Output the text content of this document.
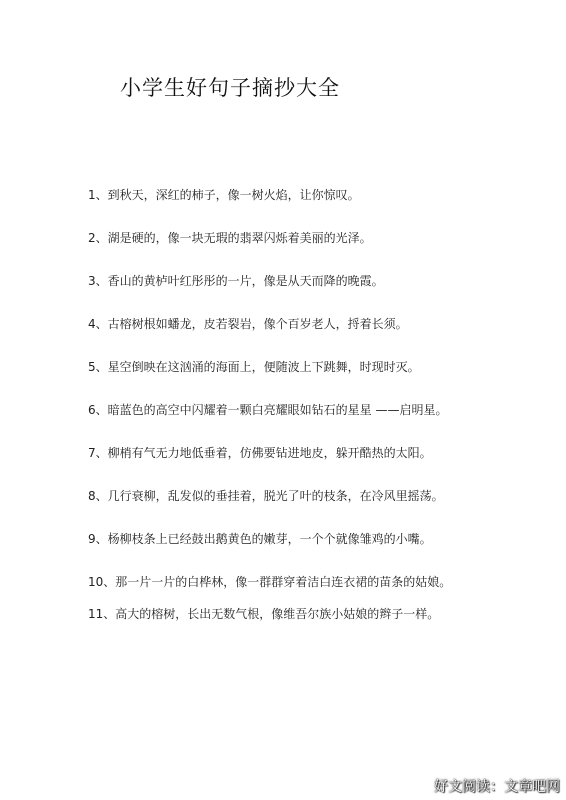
小学生好句子摘抄大全
1、到秋天，深红的柿子，像一树火焰，让你惊叹。
2、湖是硬的，像一块无瑕的翡翠闪烁着美丽的光泽。
3、香山的黄栌叶红彤彤的一片，像是从天而降的晚霞。
4、古榕树根如蟠龙，皮若裂岩，像个百岁老人，捋着长须。
5、星空倒映在这汹涌的海面上，便随波上下跳舞，时现时灭。
6、暗蓝色的高空中闪耀着一颗白亮耀眼如钻石的星星 ——启明星。
7、柳梢有气无力地低垂着，仿佛要钻进地皮，躲开酷热的太阳。
8、几行衰柳，乱发似的垂挂着，脱光了叶的枝条，在冷风里摇荡。
9、杨柳枝条上已经鼓出鹅黄色的嫩芽，一个个就像雏鸡的小嘴。
10、那一片一片的白桦林，像一群群穿着洁白连衣裙的苗条的姑娘。
11、高大的榕树，长出无数气根，像维吾尔族小姑娘的辫子一样。
好文阅读：文章吧网
